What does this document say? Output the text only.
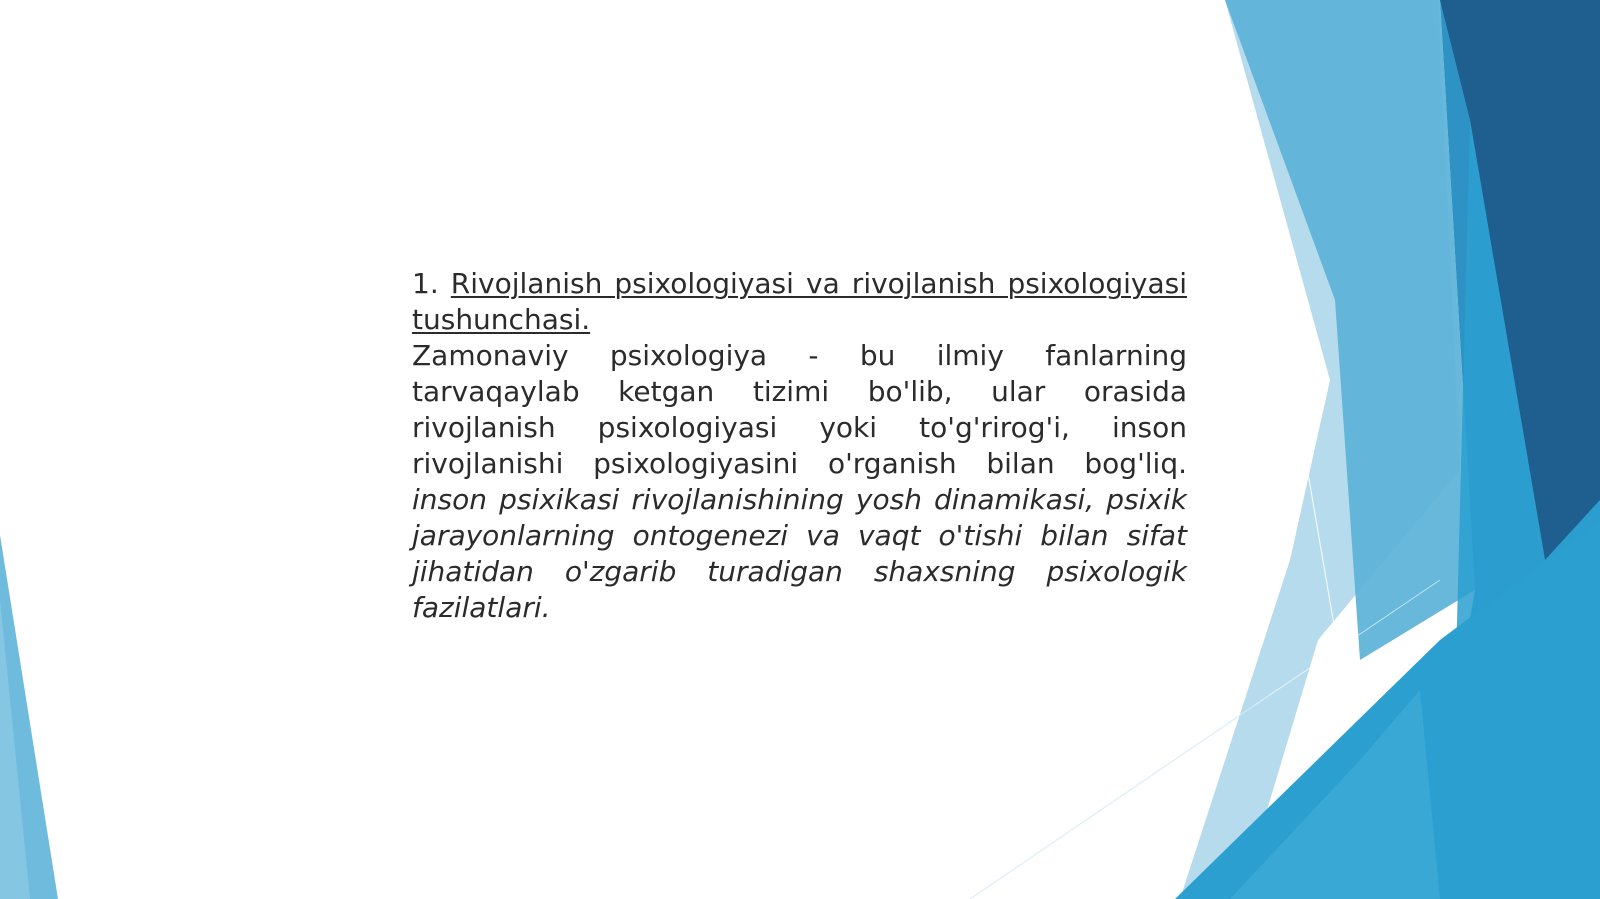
1. Rivojlanish psixologiyasi va rivojlanish psixologiyasi tushunchasi.

Zamonaviy psixologiya - bu ilmiy fanlarning tarvaqaylab ketgan tizimi bo'lib, ular orasida rivojlanish psixologiyasi yoki to'g'rirog'i, inson rivojlanishi psixologiyasini o'rganish bilan bog'liq. inson psixikasi rivojlanishining yosh dinamikasi, psixik jarayonlarning ontogenezi va vaqt o'tishi bilan sifat jihatidan o'zgarib turadigan shaxsning psixologik fazilatlari.
